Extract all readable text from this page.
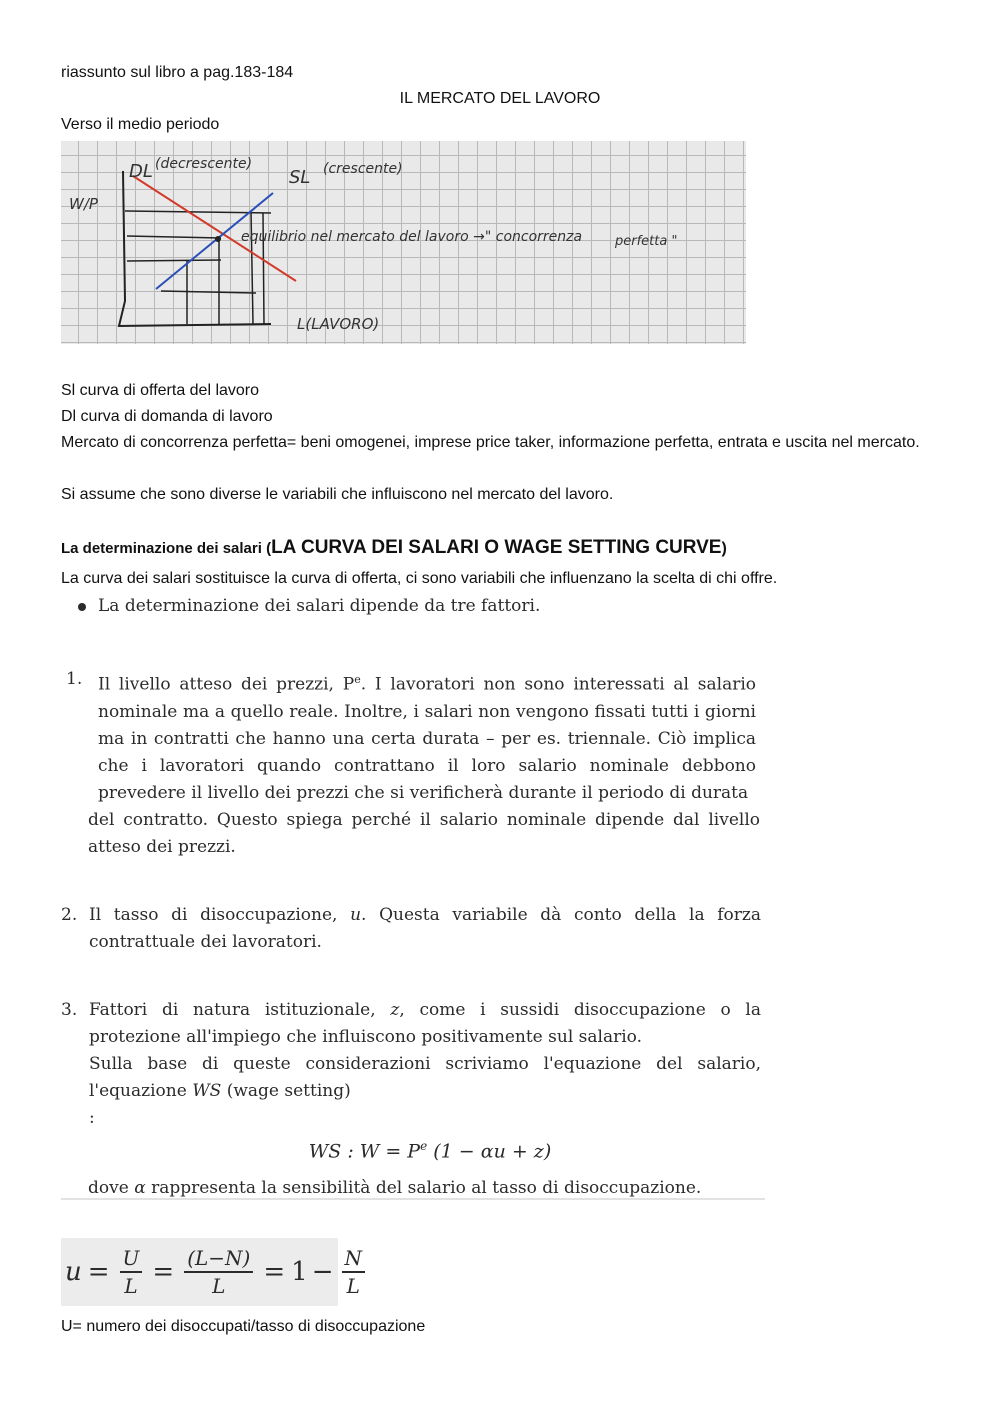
riassunto sul libro a pag.183-184
IL MERCATO DEL LAVORO
Verso il medio periodo
DL (decrescente)
SL (crescente)
W/P
equilibrio nel mercato del lavoro →" concorrenza	perfetta "
L(LAVORO)
Sl curva di offerta del lavoro
Dl curva di domanda di lavoro
Mercato di concorrenza perfetta= beni omogenei, imprese price taker, informazione perfetta, entrata e uscita nel mercato.
Si assume che sono diverse le variabili che influiscono nel mercato del lavoro.
La determinazione dei salari (LA CURVA DEI SALARI O WAGE SETTING CURVE)
La curva dei salari sostituisce la curva di offerta, ci sono variabili che influenzano la scelta di chi offre.
La determinazione dei salari dipende da tre fattori.
1. Il livello atteso dei prezzi, $P^e$. I lavoratori non sono interessati al salario nominale ma a quello reale. Inoltre, i salari non vengono fissati tutti i giorni ma in contratti che hanno una certa durata – per es. triennale. Ciò implica che i lavoratori quando contrattano il loro salario nominale debbono prevedere il livello dei prezzi che si verificherà durante il periodo di durata
del contratto. Questo spiega perché il salario nominale dipende dal livello atteso dei prezzi.
2. Il tasso di disoccupazione, u. Questa variabile dà conto della la forza contrattuale dei lavoratori.
3. Fattori di natura istituzionale, z, come i sussidi disoccupazione o la protezione all'impiego che influiscono positivamente sul salario.
Sulla base di queste considerazioni scriviamo l'equazione del salario, l'equazione WS (wage setting)
:
WS : $W = P^e$ (1 − αu + z)
dove α rappresenta la sensibilità del salario al tasso di disoccupazione.
$u = \frac{U}{L} = \frac{(L-N)}{L} = 1 - \frac{N}{L}$
U= numero dei disoccupati/tasso di disoccupazione
